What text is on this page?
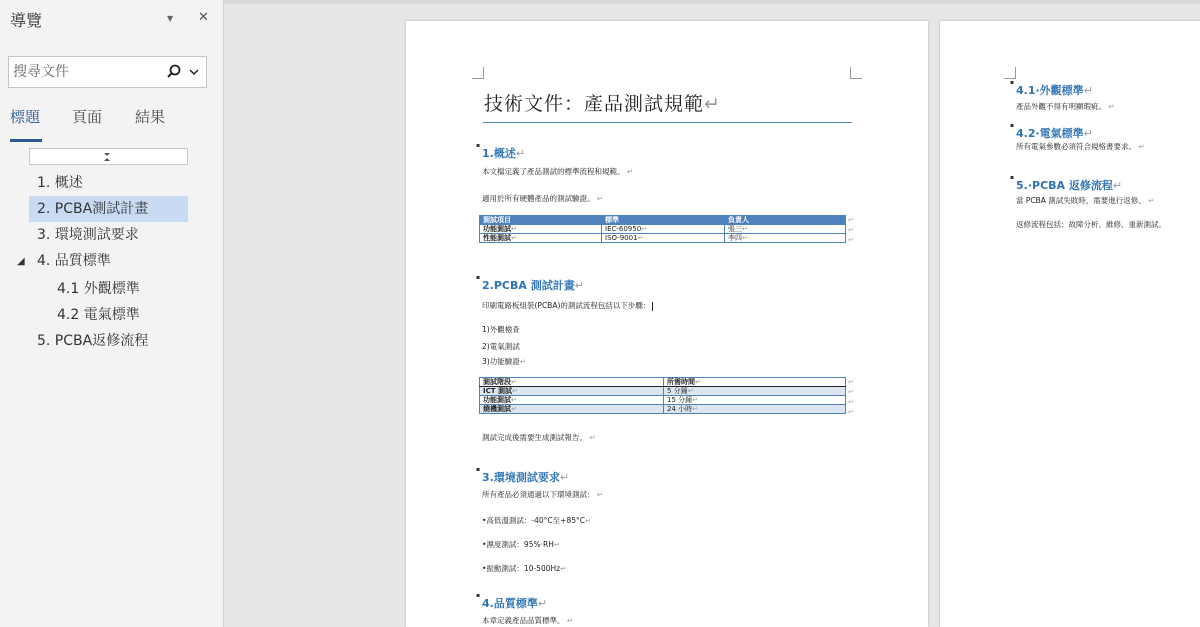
導覽	▼ ✕
搜尋文件
標題 頁面 結果
1. 概述
2. PCBA測試計畫
3. 環境測試要求
◢ 4. 品質標準
4.1 外觀標準
4.2 電氣標準
5. PCBA返修流程
技術文件：產品測試規範↵
▪ 1.概述↵
本文檔定義了產品測試的標準流程和規範。 ↵
適用於所有硬體產品的測試驗證。 ↵
測試項目	標準	負責人
功能測試↵	IEC-60950↵	張三↵
性能測試↵	ISO-9001↵	李四↵
↵
↵
↵
▪ 2.PCBA 測試計畫↵
印刷電路板組裝(PCBA)的測試流程包括以下步驟：
1)外觀檢查
2)電氣測試
3)功能驗證↵
測試階段↵	所需時間↵
ICT 測試↵	5 分鐘↵
功能測試↵	15 分鐘↵
燒機測試↵	24 小時↵
↵
↵
↵
↵
測試完成後需要生成測試報告。 ↵
▪ 3.環境測試要求↵
所有產品必須通過以下環境測試： ↵
•高低溫測試：-40°C至+85°C↵
•濕度測試：95%·RH↵
•振動測試：10-500Hz↵
▪ 4.品質標準↵
本章定義產品品質標準。 ↵
▪ 4.1·外觀標準↵
產品外觀不得有明顯瑕疵。 ↵
▪ 4.2·電氣標準↵
所有電氣參數必須符合規格書要求。 ↵
▪ 5.·PCBA 返修流程↵
當 PCBA 測試失敗時，需要進行返修。 ↵
返修流程包括：故障分析、維修、重新測試。
